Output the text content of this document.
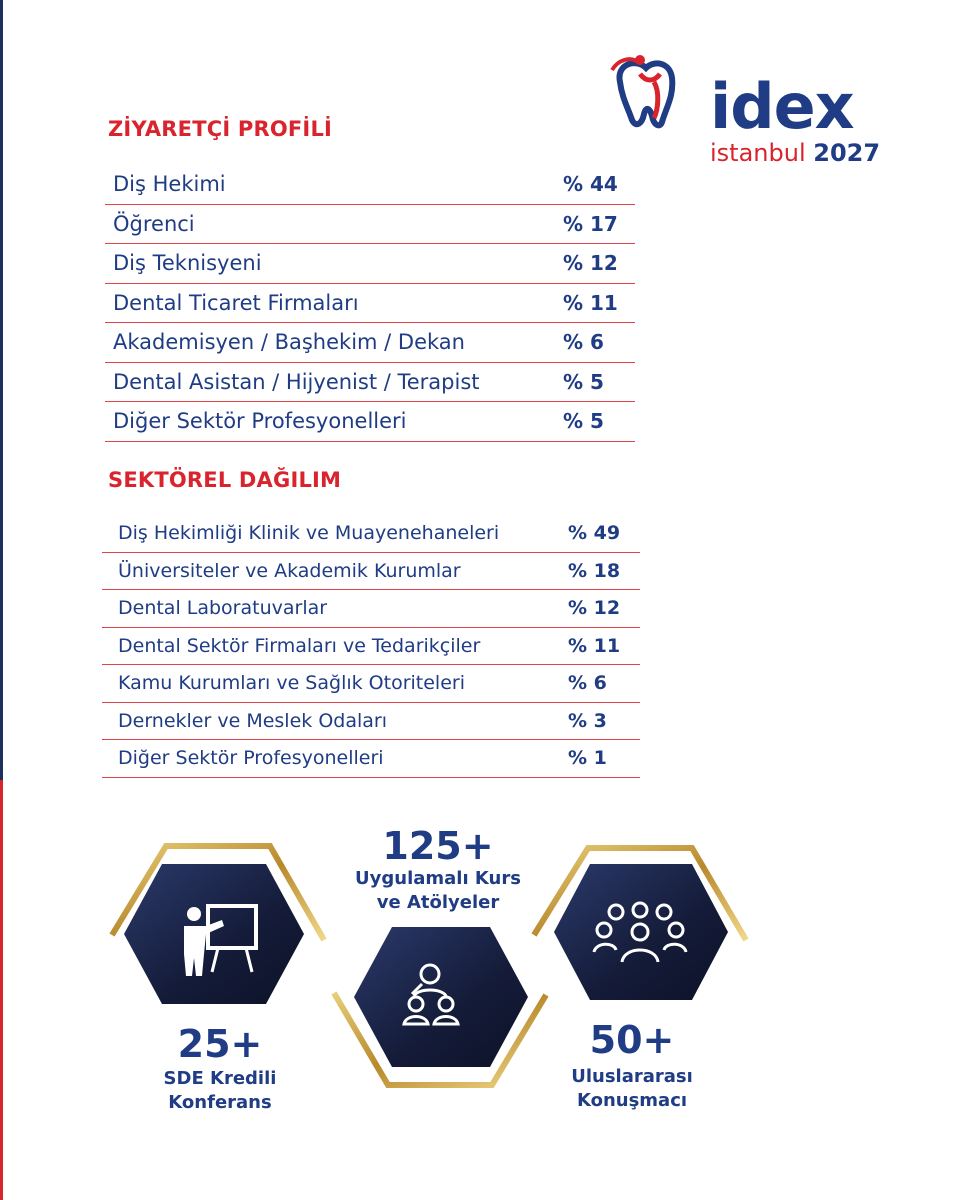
idex
istanbul 2027
ZİYARETÇİ PROFİLİ
Diş Hekimi	% 44
Öğrenci	% 17
Diş Teknisyeni	% 12
Dental Ticaret Firmaları	% 11
Akademisyen / Başhekim / Dekan	% 6
Dental Asistan / Hijyenist / Terapist	% 5
Diğer Sektör Profesyonelleri	% 5
SEKTÖREL DAĞILIM
Diş Hekimliği Klinik ve Muayenehaneleri	% 49
Üniversiteler ve Akademik Kurumlar	% 18
Dental Laboratuvarlar	% 12
Dental Sektör Firmaları ve Tedarikçiler	% 11
Kamu Kurumları ve Sağlık Otoriteleri	% 6
Dernekler ve Meslek Odaları	% 3
Diğer Sektör Profesyonelleri	% 1
25+
SDE Kredili
Konferans
125+
Uygulamalı Kurs
ve Atölyeler
50+
Uluslararası
Konuşmacı
